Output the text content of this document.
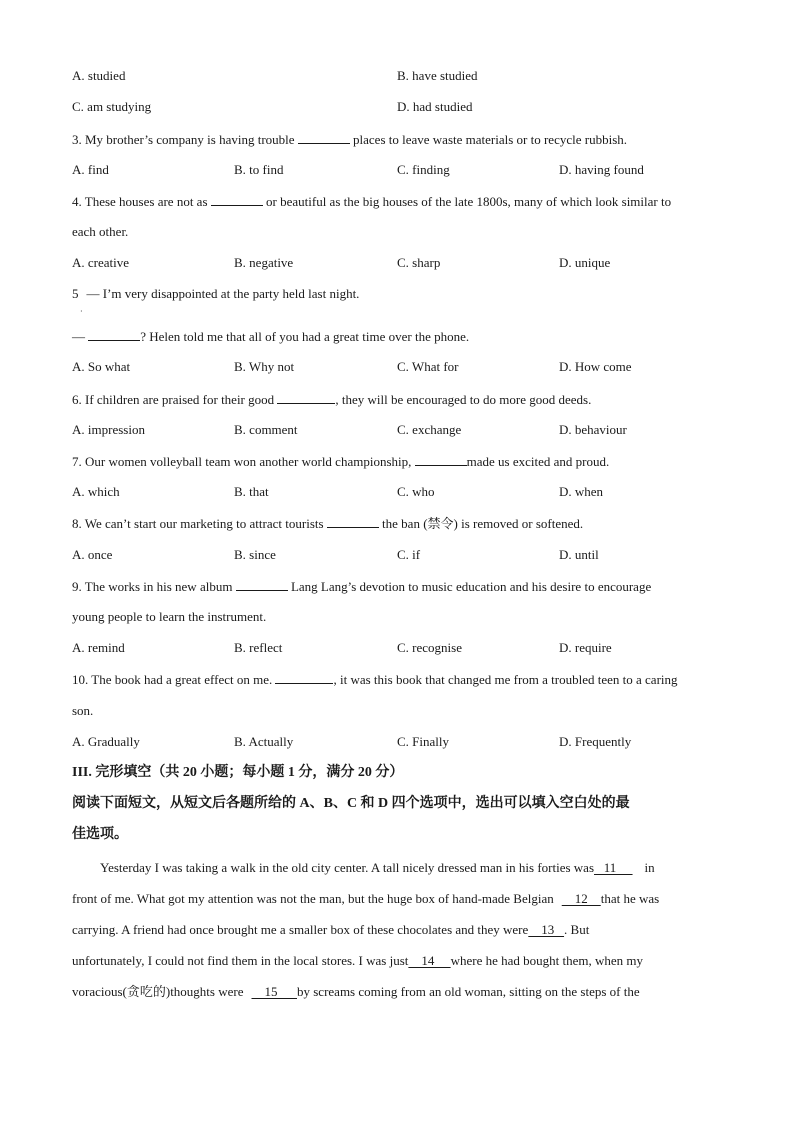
A. studied	B. have studied
C. am studying	D. had studied
3. My brother’s company is having trouble	places to leave waste materials or to recycle rubbish.
A. find	B. to find	C. finding	D. having found
4. These houses are not as	or beautiful as the big houses of the late 1800s, many of which look similar to
each other.
A. creative	B. negative	C. sharp	D. unique
5 — I’m very disappointed at the party held last night.
·
—	? Helen told me that all of you had a great time over the phone.
A. So what	B. Why not	C. What for	D. How come
6. If children are praised for their good	, they will be encouraged to do more good deeds.
A. impression	B. comment	C. exchange	D. behaviour
7. Our women volleyball team won another world championship,	made us excited and proud.
A. which	B. that	C. who	D. when
8. We can’t start our marketing to attract tourists	the ban (禁令) is removed or softened.
A. once	B. since	C. if	D. until
9. The works in his new album	Lang Lang’s devotion to music education and his desire to encourage
young people to learn the instrument.
A. remind	B. reflect	C. recognise	D. require
10. The book had a great effect on me.	, it was this book that changed me from a troubled teen to a caring
son.
A. Gradually	B. Actually	C. Finally	D. Frequently
III. 完形填空（共 20 小题；每小题 1 分，满分 20 分）
阅读下面短文，从短文后各题所给的 A、B、C 和 D 四个选项中，选出可以填入空白处的最
佳选项。
Yesterday I was taking a walk in the old city center. A tall nicely dressed man in his forties was   11     in
front of me. What got my attention was not the man, but the huge box of hand-made Belgian    12    that he was
carrying. A friend had once brought me a smaller box of these chocolates and they were    13   . But
unfortunately, I could not find them in the local stores. I was just    14     where he had bought them, when my
voracious(贪吃的)thoughts were    15      by screams coming from an old woman, sitting on the steps of the
